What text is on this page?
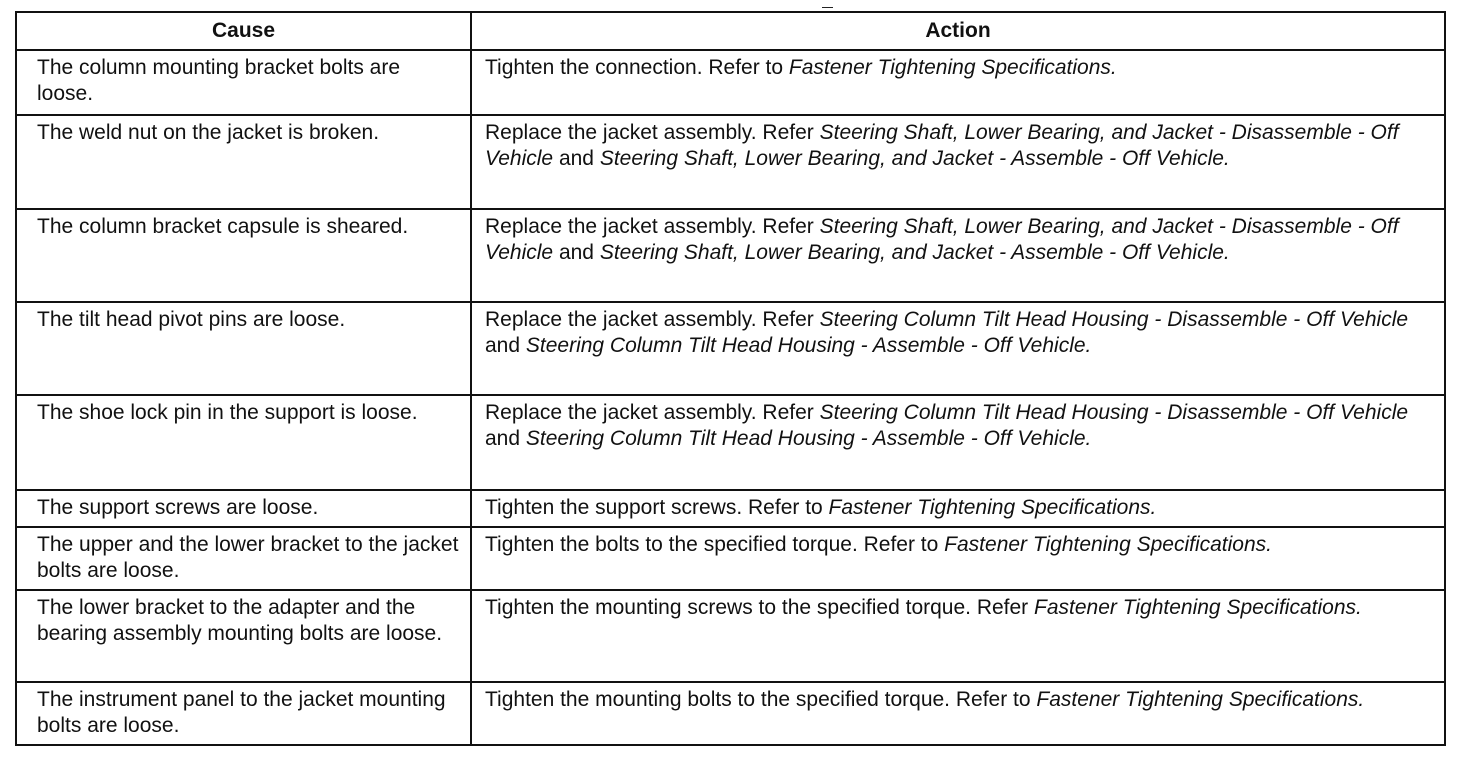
Cause	Action
The column mounting bracket bolts are loose.	Tighten the connection. Refer to Fastener Tightening Specifications.
The weld nut on the jacket is broken.	Replace the jacket assembly. Refer Steering Shaft, Lower Bearing, and Jacket - Disassemble - Off Vehicle and Steering Shaft, Lower Bearing, and Jacket - Assemble - Off Vehicle.
The column bracket capsule is sheared.	Replace the jacket assembly. Refer Steering Shaft, Lower Bearing, and Jacket - Disassemble - Off Vehicle and Steering Shaft, Lower Bearing, and Jacket - Assemble - Off Vehicle.
The tilt head pivot pins are loose.	Replace the jacket assembly. Refer Steering Column Tilt Head Housing - Disassemble - Off Vehicle and Steering Column Tilt Head Housing - Assemble - Off Vehicle.
The shoe lock pin in the support is loose.	Replace the jacket assembly. Refer Steering Column Tilt Head Housing - Disassemble - Off Vehicle and Steering Column Tilt Head Housing - Assemble - Off Vehicle.
The support screws are loose.	Tighten the support screws. Refer to Fastener Tightening Specifications.
The upper and the lower bracket to the jacket bolts are loose.	Tighten the bolts to the specified torque. Refer to Fastener Tightening Specifications.
The lower bracket to the adapter and the bearing assembly mounting bolts are loose.	Tighten the mounting screws to the specified torque. Refer Fastener Tightening Specifications.
The instrument panel to the jacket mounting bolts are loose.	Tighten the mounting bolts to the specified torque. Refer to Fastener Tightening Specifications.
